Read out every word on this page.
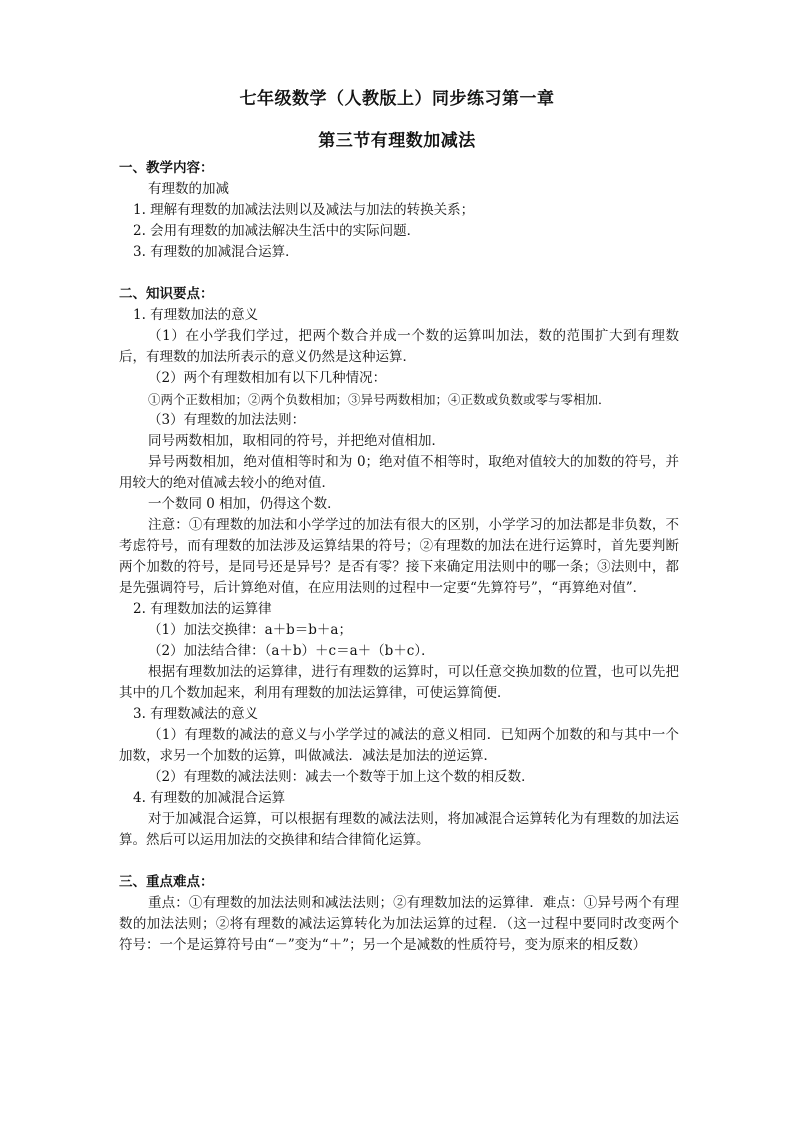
七年级数学（人教版上）同步练习第一章
第三节有理数加减法
一、教学内容：
有理数的加减
1. 理解有理数的加减法法则以及减法与加法的转换关系；
2. 会用有理数的加减法解决生活中的实际问题．
3. 有理数的加减混合运算．
二、知识要点：
1. 有理数加法的意义
（1）在小学我们学过，把两个数合并成一个数的运算叫加法，数的范围扩大到有理数后，有理数的加法所表示的意义仍然是这种运算．
（2）两个有理数相加有以下几种情况：
①两个正数相加；②两个负数相加；③异号两数相加；④正数或负数或零与零相加．
（3）有理数的加法法则：
同号两数相加，取相同的符号，并把绝对值相加．
异号两数相加，绝对值相等时和为 0；绝对值不相等时，取绝对值较大的加数的符号，并用较大的绝对值减去较小的绝对值．
一个数同 0 相加，仍得这个数．
注意：①有理数的加法和小学学过的加法有很大的区别，小学学习的加法都是非负数，不考虑符号，而有理数的加法涉及运算结果的符号；②有理数的加法在进行运算时，首先要判断两个加数的符号，是同号还是异号？是否有零？接下来确定用法则中的哪一条；③法则中，都是先强调符号，后计算绝对值，在应用法则的过程中一定要“先算符号”，“再算绝对值”．
2. 有理数加法的运算律
（1）加法交换律：a＋b＝b＋a；
（2）加法结合律：（a＋b）＋c＝a＋（b＋c）．
根据有理数加法的运算律，进行有理数的运算时，可以任意交换加数的位置，也可以先把其中的几个数加起来，利用有理数的加法运算律，可使运算简便．
3. 有理数减法的意义
（1）有理数的减法的意义与小学学过的减法的意义相同．已知两个加数的和与其中一个加数，求另一个加数的运算，叫做减法．减法是加法的逆运算．
（2）有理数的减法法则：减去一个数等于加上这个数的相反数．
4. 有理数的加减混合运算
对于加减混合运算，可以根据有理数的减法法则，将加减混合运算转化为有理数的加法运算。然后可以运用加法的交换律和结合律简化运算。
三、重点难点：
重点：①有理数的加法法则和减法法则；②有理数加法的运算律．难点：①异号两个有理数的加法法则；②将有理数的减法运算转化为加法运算的过程．（这一过程中要同时改变两个符号：一个是运算符号由“－”变为“＋”；另一个是减数的性质符号，变为原来的相反数）
